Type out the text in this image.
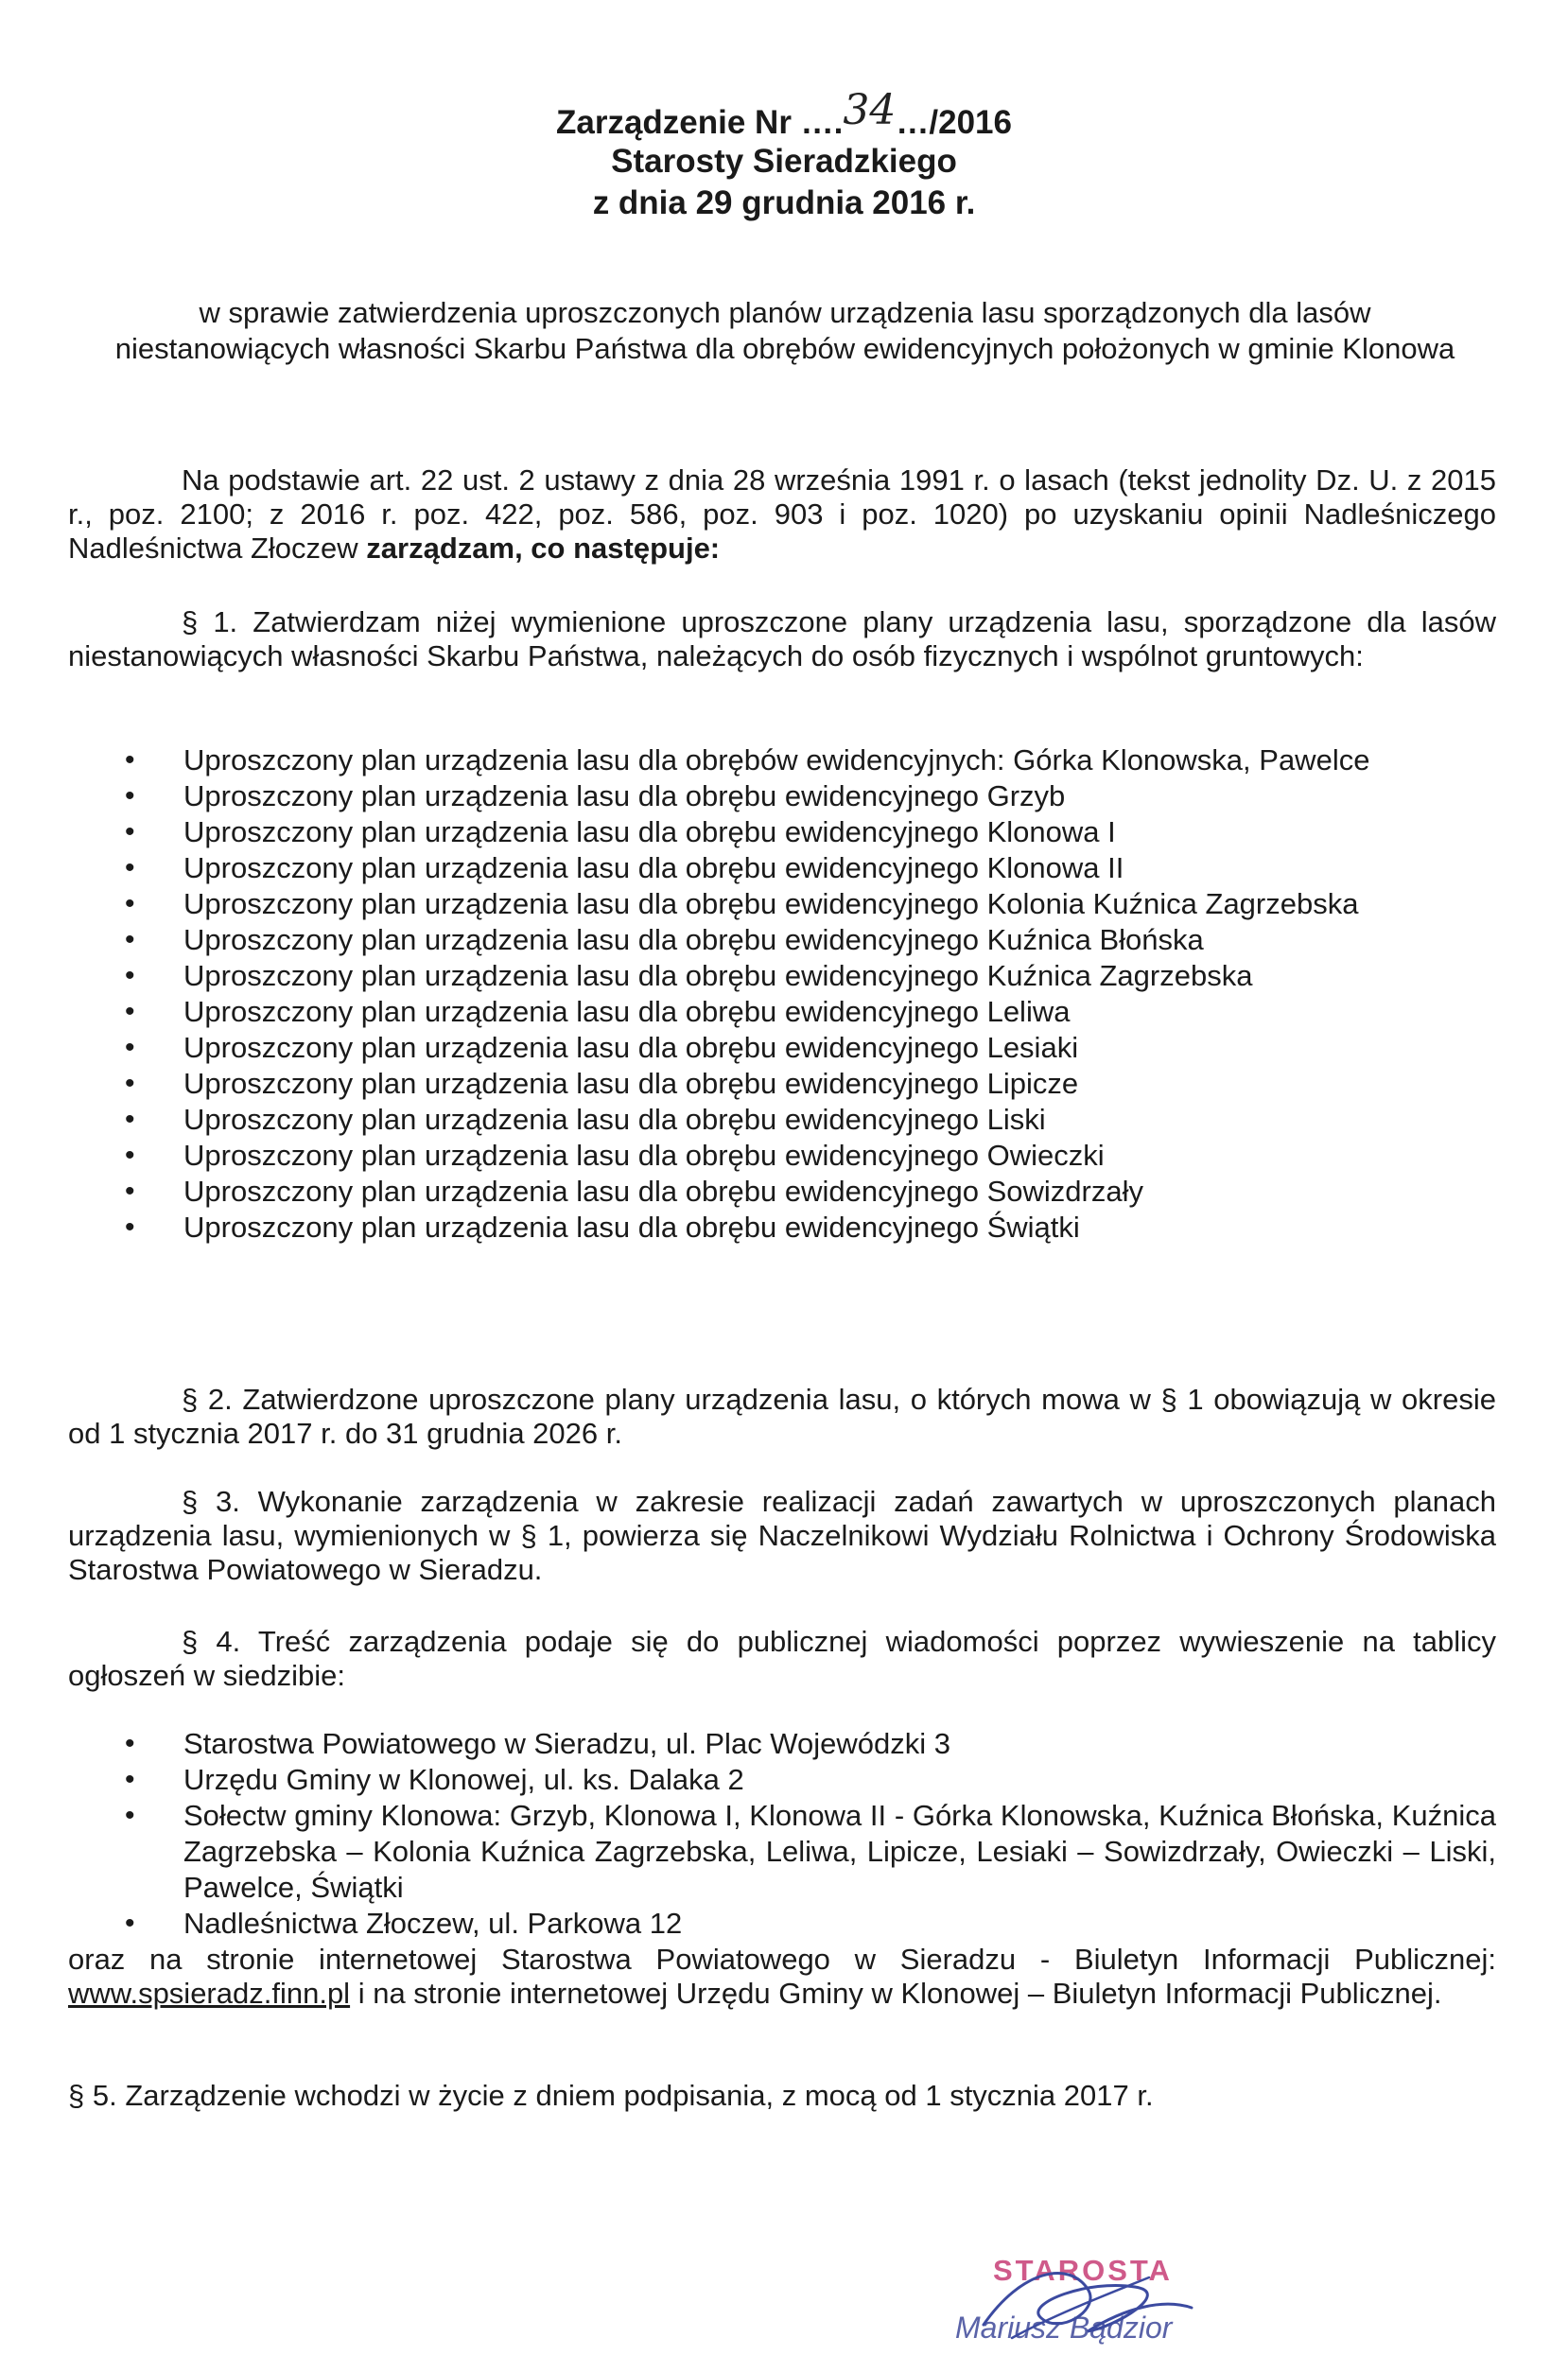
Zarządzenie Nr ….34…/2016
Starosty Sieradzkiego
z dnia 29 grudnia 2016 r.
w sprawie zatwierdzenia uproszczonych planów urządzenia lasu sporządzonych dla lasów niestanowiących własności Skarbu Państwa dla obrębów ewidencyjnych położonych w gminie Klonowa
Na podstawie art. 22 ust. 2 ustawy z dnia 28 września 1991 r. o lasach (tekst jednolity Dz. U. z 2015 r., poz. 2100; z 2016 r. poz. 422, poz. 586, poz. 903 i poz. 1020) po uzyskaniu opinii Nadleśniczego Nadleśnictwa Złoczew zarządzam, co następuje:
§ 1. Zatwierdzam niżej wymienione uproszczone plany urządzenia lasu, sporządzone dla lasów niestanowiących własności Skarbu Państwa, należących do osób fizycznych i wspólnot gruntowych:
• Uproszczony plan urządzenia lasu dla obrębów ewidencyjnych: Górka Klonowska, Pawelce
• Uproszczony plan urządzenia lasu dla obrębu ewidencyjnego Grzyb
• Uproszczony plan urządzenia lasu dla obrębu ewidencyjnego Klonowa I
• Uproszczony plan urządzenia lasu dla obrębu ewidencyjnego Klonowa II
• Uproszczony plan urządzenia lasu dla obrębu ewidencyjnego Kolonia Kuźnica Zagrzebska
• Uproszczony plan urządzenia lasu dla obrębu ewidencyjnego Kuźnica Błońska
• Uproszczony plan urządzenia lasu dla obrębu ewidencyjnego Kuźnica Zagrzebska
• Uproszczony plan urządzenia lasu dla obrębu ewidencyjnego Leliwa
• Uproszczony plan urządzenia lasu dla obrębu ewidencyjnego Lesiaki
• Uproszczony plan urządzenia lasu dla obrębu ewidencyjnego Lipicze
• Uproszczony plan urządzenia lasu dla obrębu ewidencyjnego Liski
• Uproszczony plan urządzenia lasu dla obrębu ewidencyjnego Owieczki
• Uproszczony plan urządzenia lasu dla obrębu ewidencyjnego Sowizdrzały
• Uproszczony plan urządzenia lasu dla obrębu ewidencyjnego Świątki
§ 2. Zatwierdzone uproszczone plany urządzenia lasu, o których mowa w § 1 obowiązują w okresie od 1 stycznia 2017 r. do 31 grudnia 2026 r.
§ 3. Wykonanie zarządzenia w zakresie realizacji zadań zawartych w uproszczonych planach urządzenia lasu, wymienionych w § 1, powierza się Naczelnikowi Wydziału Rolnictwa i Ochrony Środowiska Starostwa Powiatowego w Sieradzu.
§ 4. Treść zarządzenia podaje się do publicznej wiadomości poprzez wywieszenie na tablicy ogłoszeń w siedzibie:
• Starostwa Powiatowego w Sieradzu, ul. Plac Wojewódzki 3
• Urzędu Gminy w Klonowej, ul. ks. Dalaka 2
• Sołectw gminy Klonowa: Grzyb, Klonowa I, Klonowa II - Górka Klonowska, Kuźnica Błońska, Kuźnica Zagrzebska – Kolonia Kuźnica Zagrzebska, Leliwa, Lipicze, Lesiaki – Sowizdrzały, Owieczki – Liski, Pawelce, Świątki
• Nadleśnictwa Złoczew, ul. Parkowa 12
oraz na stronie internetowej Starostwa Powiatowego w Sieradzu - Biuletyn Informacji Publicznej: www.spsieradz.finn.pl i na stronie internetowej Urzędu Gminy w Klonowej – Biuletyn Informacji Publicznej.
§ 5. Zarządzenie wchodzi w życie z dniem podpisania, z mocą od 1 stycznia 2017 r.
STAROSTA
Mariusz Bądzior
